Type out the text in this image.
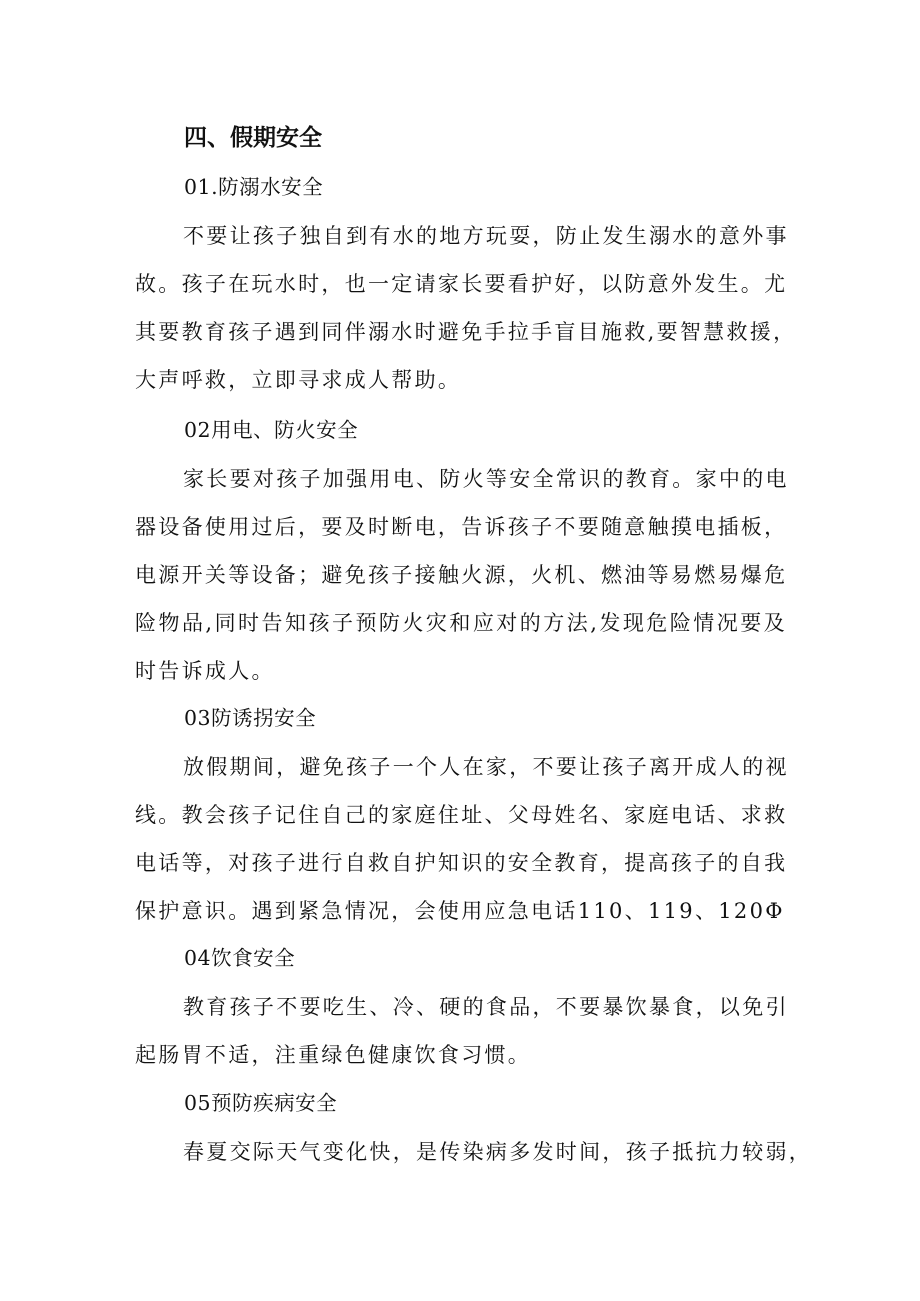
四、假期安全
01.防溺水安全
不要让孩子独自到有水的地方玩耍，防止发生溺水的意外事
故。孩子在玩水时，也一定请家长要看护好，以防意外发生。尤
其要教育孩子遇到同伴溺水时避免手拉手盲目施救,要智慧救援，
大声呼救，立即寻求成人帮助。
02用电、防火安全
家长要对孩子加强用电、防火等安全常识的教育。家中的电
器设备使用过后，要及时断电，告诉孩子不要随意触摸电插板，
电源开关等设备；避免孩子接触火源，火机、燃油等易燃易爆危
险物品,同时告知孩子预防火灾和应对的方法,发现危险情况要及
时告诉成人。
03防诱拐安全
放假期间，避免孩子一个人在家，不要让孩子离开成人的视
线。教会孩子记住自己的家庭住址、父母姓名、家庭电话、求救
电话等，对孩子进行自救自护知识的安全教育，提高孩子的自我
保护意识。遇到紧急情况，会使用应急电话110、119、120Φ
04饮食安全
教育孩子不要吃生、冷、硬的食品，不要暴饮暴食，以免引
起肠胃不适，注重绿色健康饮食习惯。
05预防疾病安全
春夏交际天气变化快，是传染病多发时间，孩子抵抗力较弱，
